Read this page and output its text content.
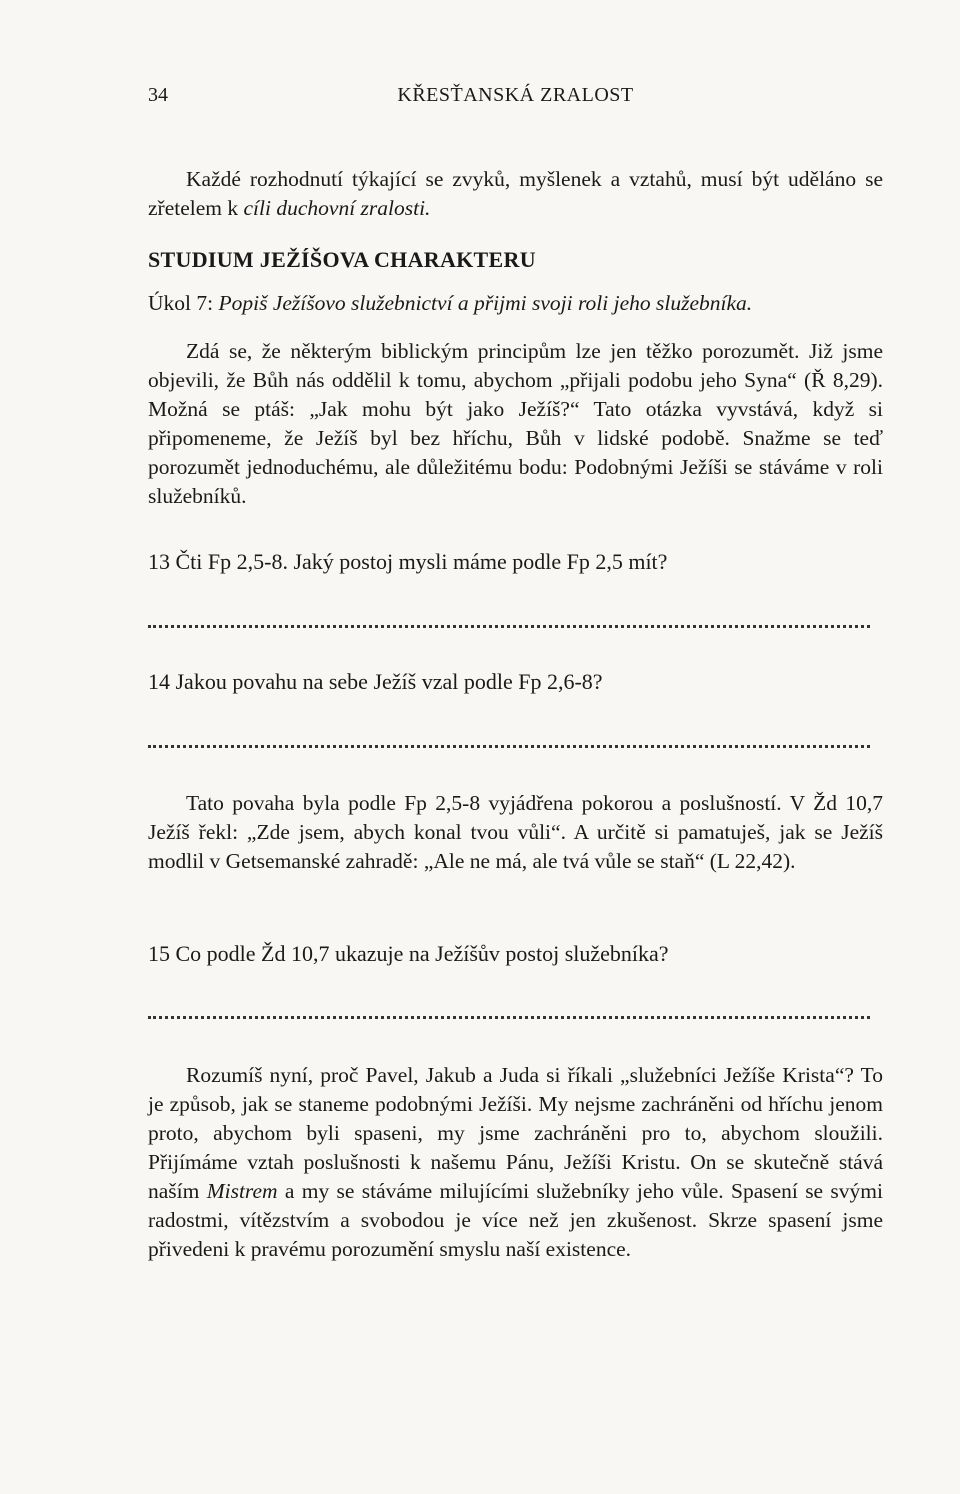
34	KŘESŤANSKÁ ZRALOST

Každé rozhodnutí týkající se zvyků, myšlenek a vztahů, musí být uděláno se zřetelem k cíli duchovní zralosti.

STUDIUM JEŽÍŠOVA CHARAKTERU

Úkol 7: Popiš Ježíšovo služebnictví a přijmi svoji roli jeho služebníka.

Zdá se, že některým biblickým principům lze jen těžko porozumět. Již jsme objevili, že Bůh nás oddělil k tomu, abychom „přijali podobu jeho Syna“ (Ř 8,29). Možná se ptáš: „Jak mohu být jako Ježíš?“ Tato otázka vyvstává, když si připomeneme, že Ježíš byl bez hříchu, Bůh v lidské podobě. Snažme se teď porozumět jednoduchému, ale důležitému bodu: Podobnými Ježíši se stáváme v roli služebníků.

13 Čti Fp 2,5-8. Jaký postoj mysli máme podle Fp 2,5 mít?

14 Jakou povahu na sebe Ježíš vzal podle Fp 2,6-8?

Tato povaha byla podle Fp 2,5-8 vyjádřena pokorou a poslušností. V Žd 10,7 Ježíš řekl: „Zde jsem, abych konal tvou vůli“. A určitě si pamatuješ, jak se Ježíš modlil v Getsemanské zahradě: „Ale ne má, ale tvá vůle se staň“ (L 22,42).

15 Co podle Žd 10,7 ukazuje na Ježíšův postoj služebníka?

Rozumíš nyní, proč Pavel, Jakub a Juda si říkali „služebníci Ježíše Krista“? To je způsob, jak se staneme podobnými Ježíši. My nejsme zachráněni od hříchu jenom proto, abychom byli spaseni, my jsme zachráněni pro to, abychom sloužili. Přijímáme vztah poslušnosti k našemu Pánu, Ježíši Kristu. On se skutečně stává naším Mistrem a my se stáváme milujícími služebníky jeho vůle. Spasení se svými radostmi, vítězstvím a svobodou je více než jen zkušenost. Skrze spasení jsme přivedeni k pravému porozumění smyslu naší existence.
